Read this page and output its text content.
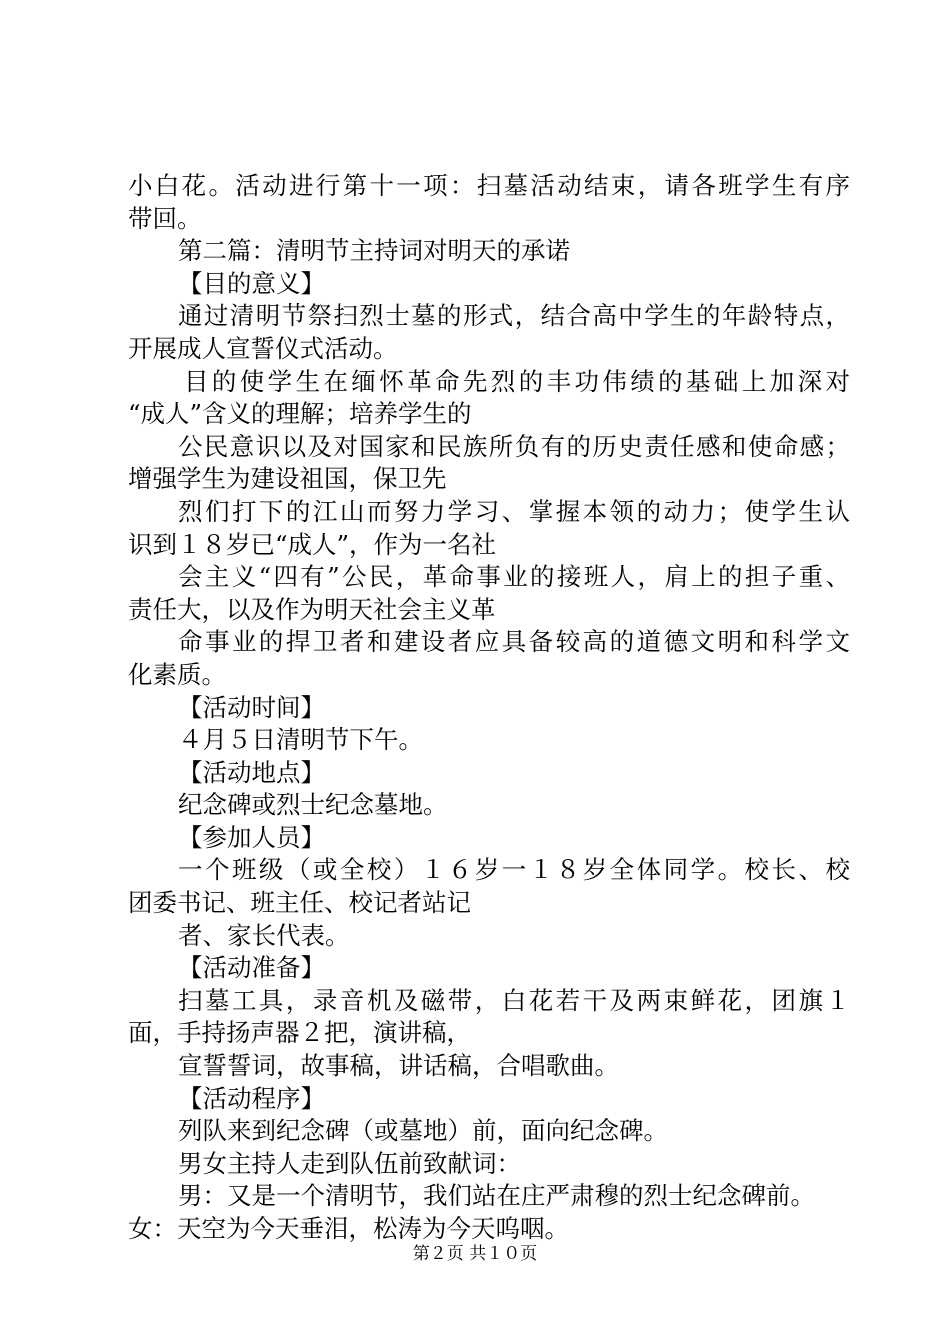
小白花。活动进行第十一项：扫墓活动结束，请各班学生有序
带回。
第二篇：清明节主持词对明天的承诺
【目的意义】
通过清明节祭扫烈士墓的形式，结合高中学生的年龄特点，
开展成人宣誓仪式活动。
目的使学生在缅怀革命先烈的丰功伟绩的基础上加深对
“成人”含义的理解；培养学生的
公民意识以及对国家和民族所负有的历史责任感和使命感；
增强学生为建设祖国，保卫先
烈们打下的江山而努力学习、掌握本领的动力；使学生认
识到１８岁已“成人”，作为一名社
会主义“四有”公民，革命事业的接班人，肩上的担子重、
责任大，以及作为明天社会主义革
命事业的捍卫者和建设者应具备较高的道德文明和科学文
化素质。
【活动时间】
４月５日清明节下午。
【活动地点】
纪念碑或烈士纪念墓地。
【参加人员】
一个班级（或全校）１６岁一１８岁全体同学。校长、校
团委书记、班主任、校记者站记
者、家长代表。
【活动准备】
扫墓工具，录音机及磁带，白花若干及两束鲜花，团旗１
面，手持扬声器２把，演讲稿，
宣誓誓词，故事稿，讲话稿，合唱歌曲。
【活动程序】
列队来到纪念碑（或墓地）前，面向纪念碑。
男女主持人走到队伍前致献词：
男：又是一个清明节，我们站在庄严肃穆的烈士纪念碑前。
女：天空为今天垂泪，松涛为今天呜咽。
第２页 共１０页
